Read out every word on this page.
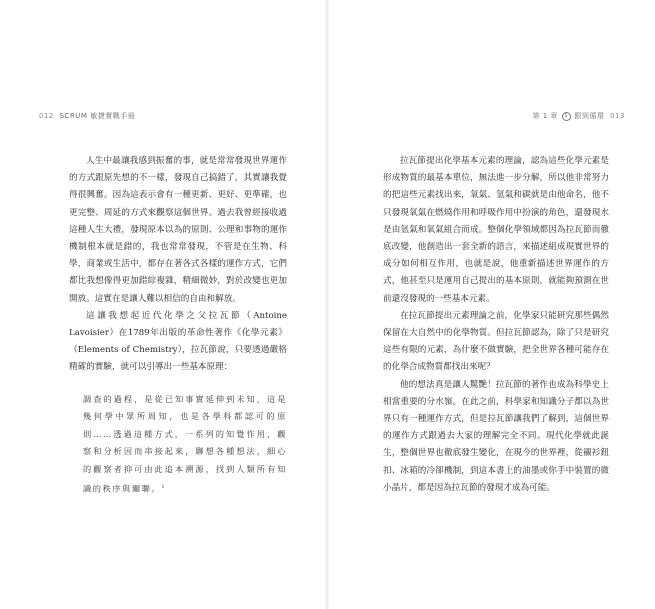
012 SCRUM 敏捷實戰手冊

人生中最讓我感到振奮的事，就是常常發現世界運作的方式跟原先想的不一樣，發現自己搞錯了，其實讓我覺得很興奮。因為這表示會有一種更新、更好、更準確，也更完整、周延的方式來觀察這個世界。過去我曾經接收過這種人生大禮，發現原本以為的原則、公理和事物的運作機制根本就是錯的，我也常常發現，不管是在生物、科學，商業或生活中，都存在著各式各樣的運作方式，它們都比我想像得更加錯綜複雜，精細微妙，對於改變也更加開放。這實在是讓人難以相信的自由和解放。

這讓我想起近代化學之父拉瓦節（Antoine Lavoisier）在1789年出版的革命性著作《化學元素》（Elements of Chemistry），拉瓦節說，只要透過嚴格精確的實驗，就可以引導出一些基本原理：

調查的過程，是從已知事實延伸到未知，這是幾何學中眾所周知，也是各學科都認可的原則……透過這種方式，一系列的知覺作用，觀察和分析因而串接起來，聯想各種想法，細心的觀察者抑可由此追本溯源，找到人類所有知識的秩序與關聯。$^1$
第 1 章 1 跟到循環 013

拉瓦節提出化學基本元素的理論，認為這些化學元素是形成物質的最基本單位，無法進一步分解，所以他非常努力的把這些元素找出來，氧氣、氫氣和碳就是由他命名，他不只發現氧氣在燃燒作用和呼吸作用中扮演的角色，還發現水是由氫氣和氧氣組合而成。整個化學領域都因為拉瓦節而徹底改變，他創造出一套全新的語言，來描述組成現實世界的成分如何相互作用，也就是說，他重新描述世界運作的方式，他甚至只是運用自己提出的基本原則，就能夠預測在世前還沒發現的一些基本元素。

在拉瓦節提出元素理論之前，化學家只能研究那些偶然保留在大自然中的化學物質。但拉瓦節認為，除了只是研究這些有限的元素，為什麼不做實驗，把全世界各種可能存在的化學合成物質都找出來呢？

他的想法真是讓人驚艷！拉瓦節的著作也成為科學史上相當重要的分水嶺。在此之前，科學家和知識分子都以為世界只有一種運作方式，但是拉瓦節讓我們了解到，這個世界的運作方式跟過去大家的理解完全不同。現代化學就此誕生，整個世界也徹底發生變化，在現今的世界裡，從襯衫鈕扣、冰箱的冷卻機制，到這本書上的油墨或你手中裝置的微小晶片，都是因為拉瓦節的發現才成為可能。
